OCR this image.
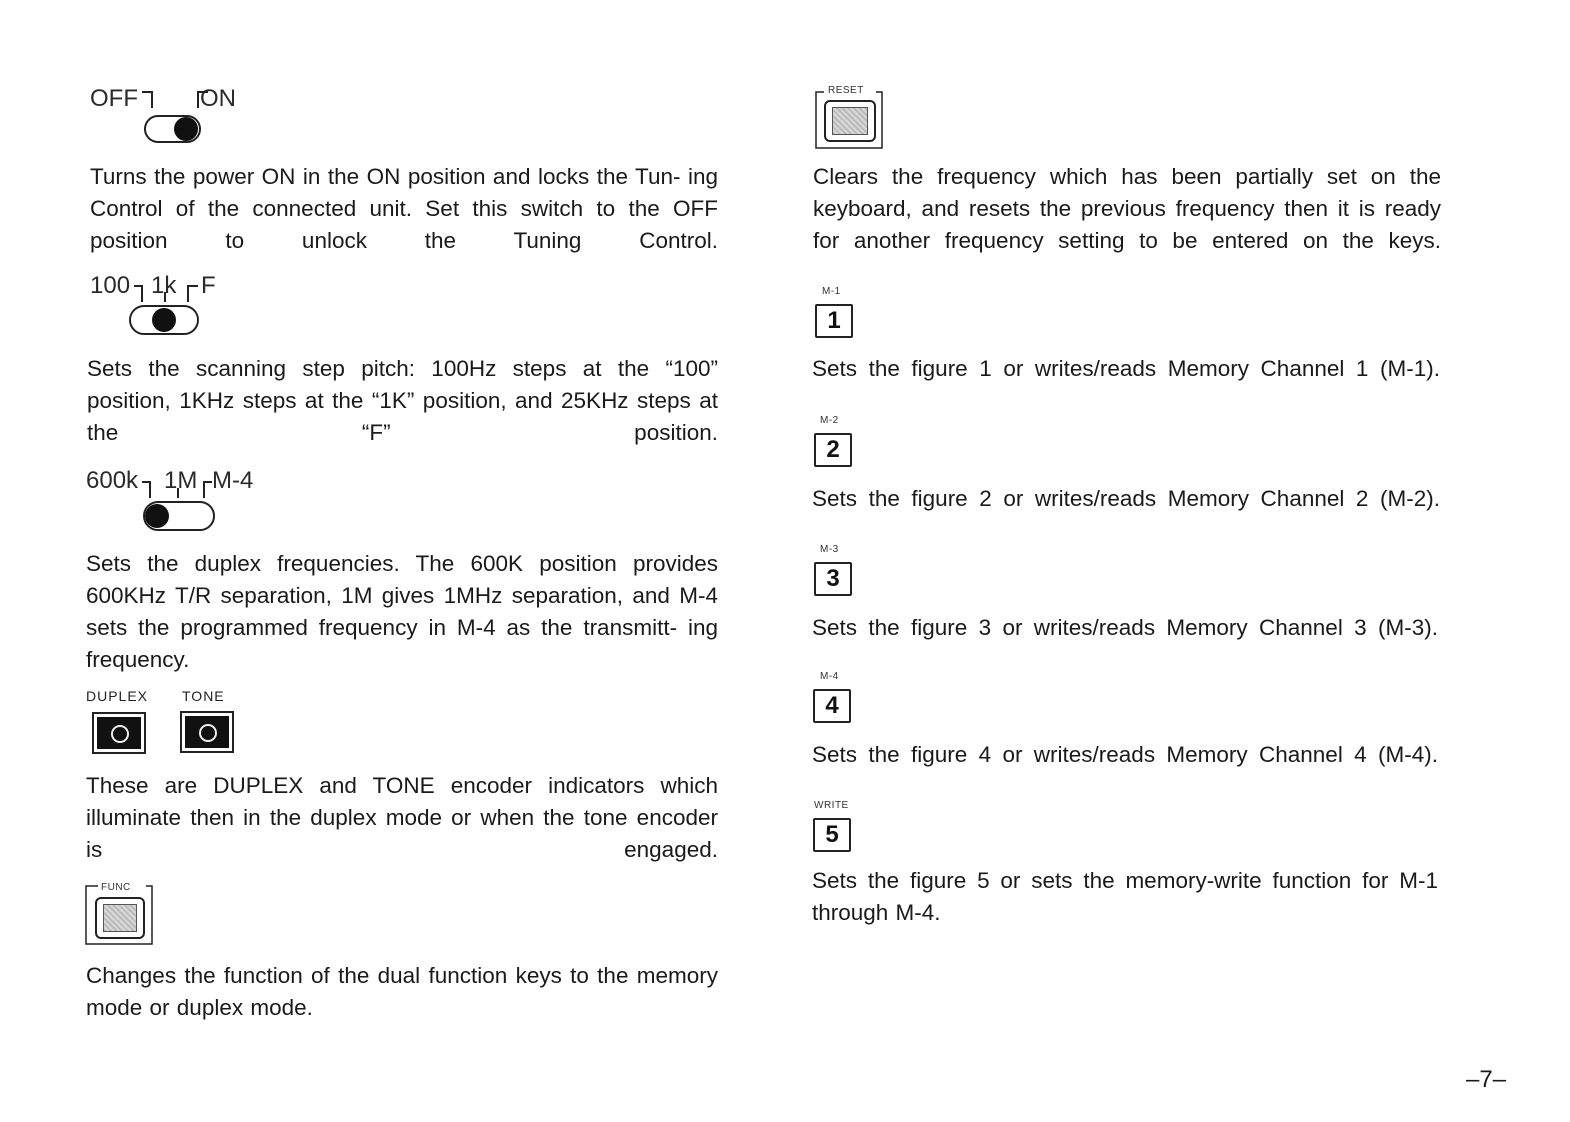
OFF	ON

Turns the power ON in the ON position and locks the Tun- ing Control of the connected unit. Set this switch to the OFF position to unlock the Tuning Control.

100 1k F

Sets the scanning step pitch: 100Hz steps at the “100” position, 1KHz steps at the “1K” position, and 25KHz steps at the “F” position.

600k 1M M-4

Sets the duplex frequencies. The 600K position provides 600KHz T/R separation, 1M gives 1MHz separation, and M-4 sets the programmed frequency in M-4 as the transmitt- ing frequency.

DUPLEX TONE

These are DUPLEX and TONE encoder indicators which illuminate then in the duplex mode or when the tone encoder is engaged.

FUNC

Changes the function of the dual function keys to the memory mode or duplex mode.

RESET

Clears the frequency which has been partially set on the keyboard, and resets the previous frequency then it is ready for another frequency setting to be entered on the keys.

M-1
1

Sets the figure 1 or writes/reads Memory Channel 1 (M-1).

M-2
2

Sets the figure 2 or writes/reads Memory Channel 2 (M-2).

M-3
3

Sets the figure 3 or writes/reads Memory Channel 3 (M-3).

M-4
4

Sets the figure 4 or writes/reads Memory Channel 4 (M-4).

WRITE
5

Sets the figure 5 or sets the memory-write function for M-1 through M-4.

–7–
